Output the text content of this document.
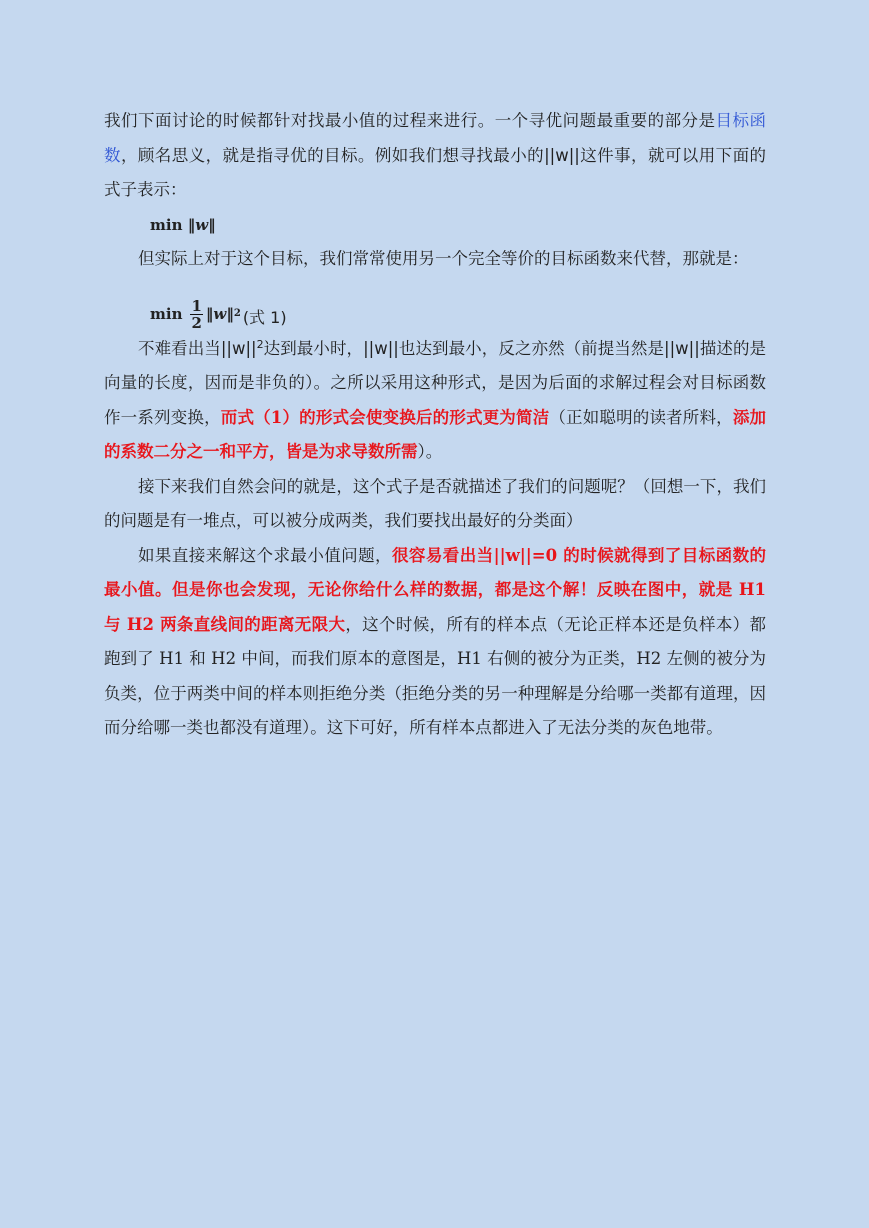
我们下面讨论的时候都针对找最小值的过程来进行。一个寻优问题最重要的部分是目标函数，顾名思义，就是指寻优的目标。例如我们想寻找最小的||w||这件事，就可以用下面的式子表示：

min
‖ w ‖

但实际上对于这个目标，我们常常使用另一个完全等价的目标函数来代替，那就是：

$\min \frac{1}{2}$ ‖ w ‖ 2 (式 1)

不难看出当$||w||^2$达到最小时，||w||也达到最小，反之亦然（前提当然是||w||描述的是向量的长度，因而是非负的）。之所以采用这种形式，是因为后面的求解过程会对目标函数作一系列变换，而式（1）的形式会使变换后的形式更为简洁（正如聪明的读者所料，添加的系数二分之一和平方，皆是为求导数所需）。

接下来我们自然会问的就是，这个式子是否就描述了我们的问题呢？（回想一下，我们的问题是有一堆点，可以被分成两类，我们要找出最好的分类面）

如果直接来解这个求最小值问题，很容易看出当||w||=0 的时候就得到了目标函数的最小值。但是你也会发现，无论你给什么样的数据，都是这个解！反映在图中，就是 H1 与 H2 两条直线间的距离无限大，这个时候，所有的样本点（无论正样本还是负样本）都跑到了 H1 和 H2 中间，而我们原本的意图是，H1 右侧的被分为正类，H2 左侧的被分为负类，位于两类中间的样本则拒绝分类（拒绝分类的另一种理解是分给哪一类都有道理，因而分给哪一类也都没有道理）。这下可好，所有样本点都进入了无法分类的灰色地带。
